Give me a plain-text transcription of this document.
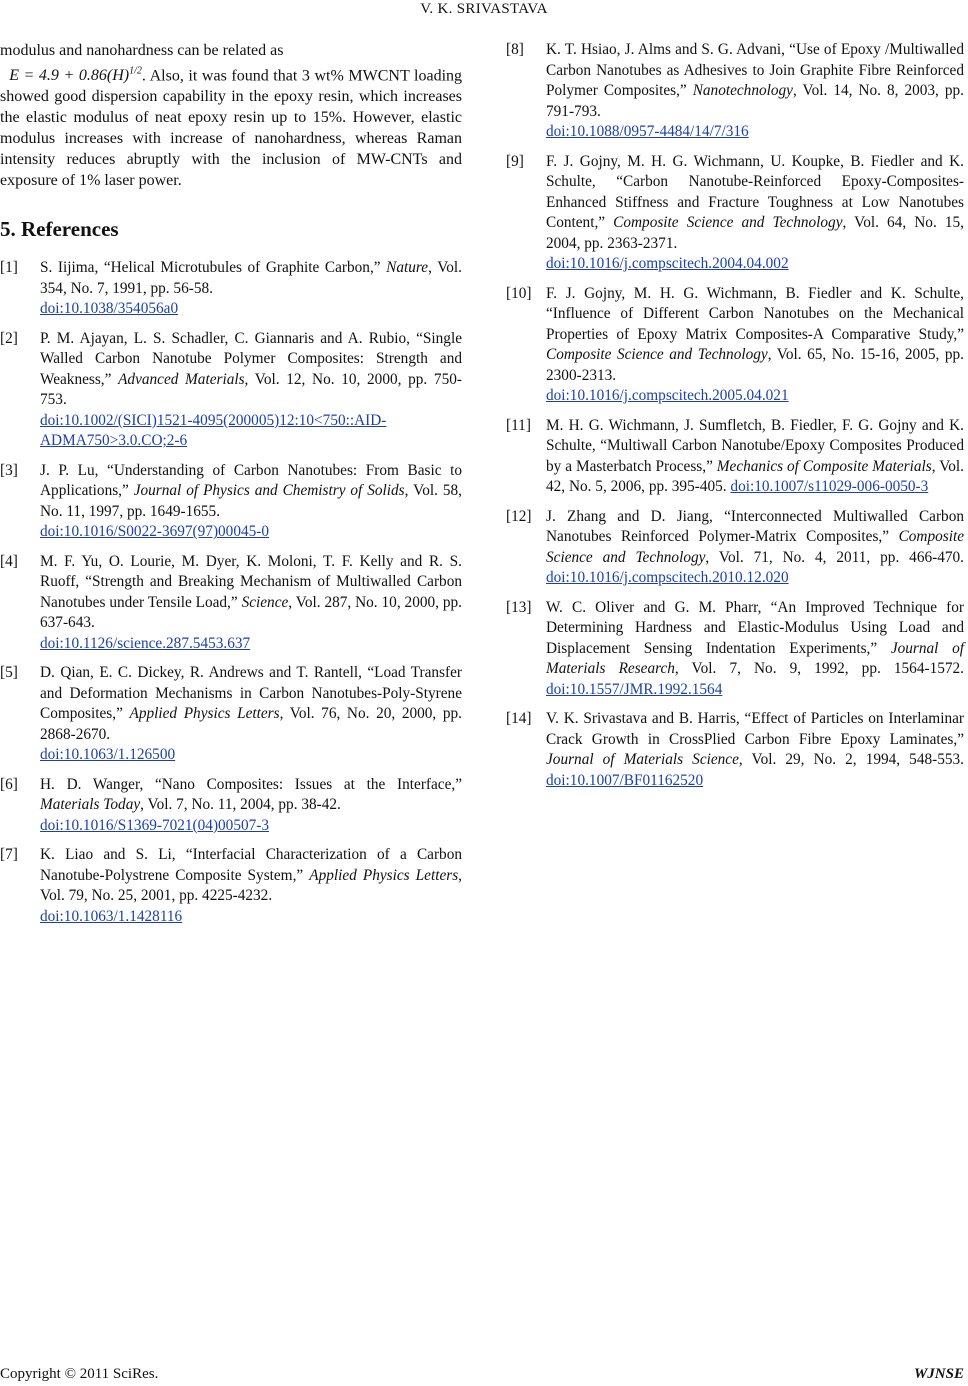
V. K. SRIVASTAVA

modulus and nanohardness can be related as

$E = 4.9 + 0.86(H)^{1/2}$. Also, it was found that 3 wt% MWCNT loading showed good dispersion capability in the epoxy resin, which increases the elastic modulus of neat epoxy resin up to 15%. However, elastic modulus increases with increase of nanohardness, whereas Raman intensity reduces abruptly with the inclusion of MW-CNTs and exposure of 1% laser power.

5. References
[1]	S. Iijima, “Helical Microtubules of Graphite Carbon,” Nature, Vol. 354, No. 7, 1991, pp. 56-58.
doi:10.1038/354056a0
[2]	P. M. Ajayan, L. S. Schadler, C. Giannaris and A. Rubio, “Single Walled Carbon Nanotube Polymer Composites: Strength and Weakness,” Advanced Materials, Vol. 12, No. 10, 2000, pp. 750-753.
doi:10.1002/(SICI)1521-4095(200005)12:10<750::AID-ADMA750>3.0.CO;2-6
[3]	J. P. Lu, “Understanding of Carbon Nanotubes: From Basic to Applications,” Journal of Physics and Chemistry of Solids, Vol. 58, No. 11, 1997, pp. 1649-1655.
doi:10.1016/S0022-3697(97)00045-0
[4]	M. F. Yu, O. Lourie, M. Dyer, K. Moloni, T. F. Kelly and R. S. Ruoff, “Strength and Breaking Mechanism of Multiwalled Carbon Nanotubes under Tensile Load,” Science, Vol. 287, No. 10, 2000, pp. 637-643.
doi:10.1126/science.287.5453.637
[5]	D. Qian, E. C. Dickey, R. Andrews and T. Rantell, “Load Transfer and Deformation Mechanisms in Carbon Nanotubes-Poly-Styrene Composites,” Applied Physics Letters, Vol. 76, No. 20, 2000, pp. 2868-2670.
doi:10.1063/1.126500
[6]	H. D. Wanger, “Nano Composites: Issues at the Interface,” Materials Today, Vol. 7, No. 11, 2004, pp. 38-42.
doi:10.1016/S1369-7021(04)00507-3
[7]	K. Liao and S. Li, “Interfacial Characterization of a Carbon Nanotube-Polystrene Composite System,” Applied Physics Letters, Vol. 79, No. 25, 2001, pp. 4225-4232.
doi:10.1063/1.1428116
[8]	K. T. Hsiao, J. Alms and S. G. Advani, “Use of Epoxy /Multiwalled Carbon Nanotubes as Adhesives to Join Graphite Fibre Reinforced Polymer Composites,” Nanotechnology, Vol. 14, No. 8, 2003, pp. 791-793.
doi:10.1088/0957-4484/14/7/316
[9]	F. J. Gojny, M. H. G. Wichmann, U. Koupke, B. Fiedler and K. Schulte, “Carbon Nanotube-Reinforced Epoxy-Composites-Enhanced Stiffness and Fracture Toughness at Low Nanotubes Content,” Composite Science and Technology, Vol. 64, No. 15, 2004, pp. 2363-2371.
doi:10.1016/j.compscitech.2004.04.002
[10] F. J. Gojny, M. H. G. Wichmann, B. Fiedler and K. Schulte, “Influence of Different Carbon Nanotubes on the Mechanical Properties of Epoxy Matrix Composites-A Comparative Study,” Composite Science and Technology, Vol. 65, No. 15-16, 2005, pp. 2300-2313.
doi:10.1016/j.compscitech.2005.04.021
[11] M. H. G. Wichmann, J. Sumfletch, B. Fiedler, F. G. Gojny and K. Schulte, “Multiwall Carbon Nanotube/Epoxy Composites Produced by a Masterbatch Process,” Mechanics of Composite Materials, Vol. 42, No. 5, 2006, pp. 395-405. doi:10.1007/s11029-006-0050-3
[12] J. Zhang and D. Jiang, “Interconnected Multiwalled Carbon Nanotubes Reinforced Polymer-Matrix Composites,” Composite Science and Technology, Vol. 71, No. 4, 2011, pp. 466-470. doi:10.1016/j.compscitech.2010.12.020
[13] W. C. Oliver and G. M. Pharr, “An Improved Technique for Determining Hardness and Elastic-Modulus Using Load and Displacement Sensing Indentation Experiments,” Journal of Materials Research, Vol. 7, No. 9, 1992, pp. 1564-1572. doi:10.1557/JMR.1992.1564
[14] V. K. Srivastava and B. Harris, “Effect of Particles on Interlaminar Crack Growth in CrossPlied Carbon Fibre Epoxy Laminates,” Journal of Materials Science, Vol. 29, No. 2, 1994, 548-553. doi:10.1007/BF01162520
Copyright © 2011 SciRes.	WJNSE
